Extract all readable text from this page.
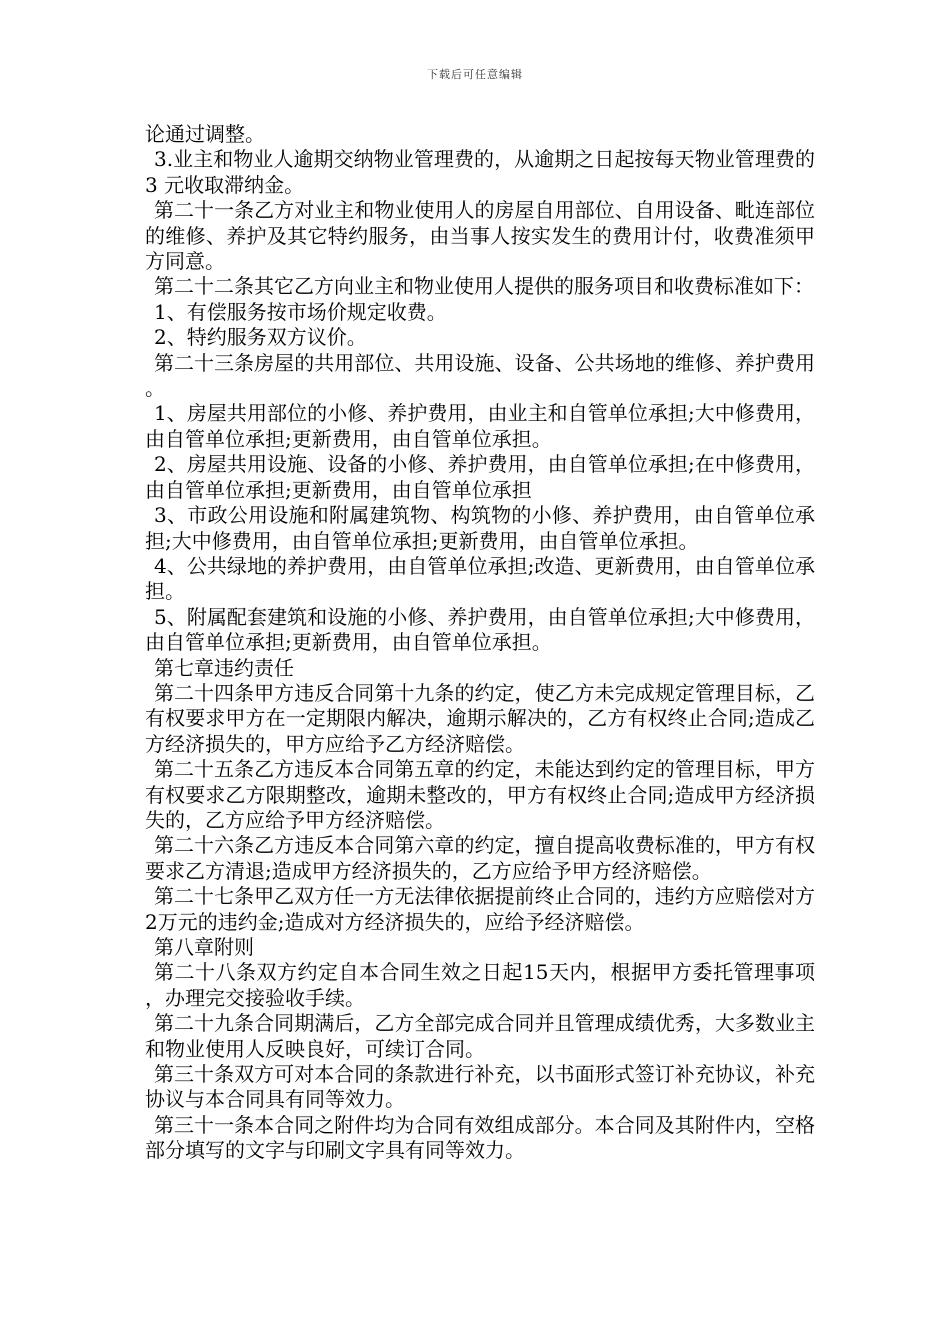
下载后可任意编辑

论通过调整。

3.业主和物业人逾期交纳物业管理费的，从逾期之日起按每天物业管理费的3 元收取滞纳金。

第二十一条乙方对业主和物业使用人的房屋自用部位、自用设备、毗连部位的维修、养护及其它特约服务，由当事人按实发生的费用计付，收费准须甲方同意。

第二十二条其它乙方向业主和物业使用人提供的服务项目和收费标准如下：

1、有偿服务按市场价规定收费。

2、特约服务双方议价。

第二十三条房屋的共用部位、共用设施、设备、公共场地的维修、养护费用。

1、房屋共用部位的小修、养护费用，由业主和自管单位承担;大中修费用，由自管单位承担;更新费用，由自管单位承担。

2、房屋共用设施、设备的小修、养护费用，由自管单位承担;在中修费用，由自管单位承担;更新费用，由自管单位承担

3、市政公用设施和附属建筑物、构筑物的小修、养护费用，由自管单位承担;大中修费用，由自管单位承担;更新费用，由自管单位承担。

4、公共绿地的养护费用，由自管单位承担;改造、更新费用，由自管单位承担。

5、附属配套建筑和设施的小修、养护费用，由自管单位承担;大中修费用，由自管单位承担;更新费用，由自管单位承担。

第七章违约责任

第二十四条甲方违反合同第十九条的约定，使乙方未完成规定管理目标，乙有权要求甲方在一定期限内解决，逾期示解决的，乙方有权终止合同;造成乙方经济损失的，甲方应给予乙方经济赔偿。

第二十五条乙方违反本合同第五章的约定，未能达到约定的管理目标，甲方有权要求乙方限期整改，逾期未整改的，甲方有权终止合同;造成甲方经济损失的，乙方应给予甲方经济赔偿。

第二十六条乙方违反本合同第六章的约定，擅自提高收费标准的，甲方有权要求乙方清退;造成甲方经济损失的，乙方应给予甲方经济赔偿。

第二十七条甲乙双方任一方无法律依据提前终止合同的，违约方应赔偿对方2万元的违约金;造成对方经济损失的，应给予经济赔偿。

第八章附则

第二十八条双方约定自本合同生效之日起15天内，根据甲方委托管理事项，办理完交接验收手续。

第二十九条合同期满后，乙方全部完成合同并且管理成绩优秀，大多数业主和物业使用人反映良好，可续订合同。

第三十条双方可对本合同的条款进行补充，以书面形式签订补充协议，补充协议与本合同具有同等效力。

第三十一条本合同之附件均为合同有效组成部分。本合同及其附件内，空格部分填写的文字与印刷文字具有同等效力。
